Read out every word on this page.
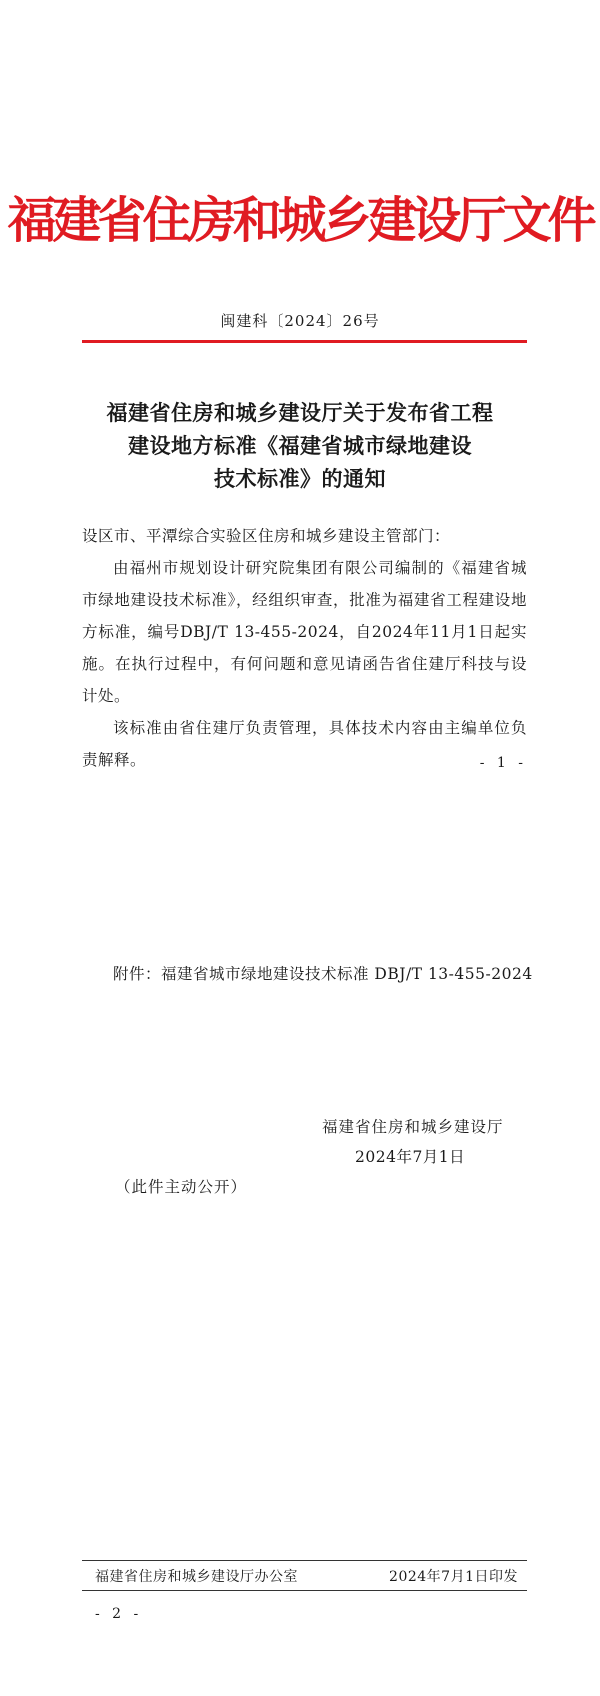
福建省住房和城乡建设厅文件
闽建科〔2024〕26号
福建省住房和城乡建设厅关于发布省工程
建设地方标准《福建省城市绿地建设
技术标准》的通知

设区市、平潭综合实验区住房和城乡建设主管部门：

由福州市规划设计研究院集团有限公司编制的《福建省城市绿地建设技术标准》，经组织审查，批准为福建省工程建设地方标准，编号DBJ/T 13-455-2024，自2024年11月1日起实施。在执行过程中，有何问题和意见请函告省住建厅科技与设计处。

该标准由省住建厅负责管理，具体技术内容由主编单位负责解释。	- 1 -
附件：福建省城市绿地建设技术标准 DBJ/T 13-455-2024
福建省住房和城乡建设厅
2024年7月1日
（此件主动公开）
福建省住房和城乡建设厅办公室	2024年7月1日印发
- 2 -
